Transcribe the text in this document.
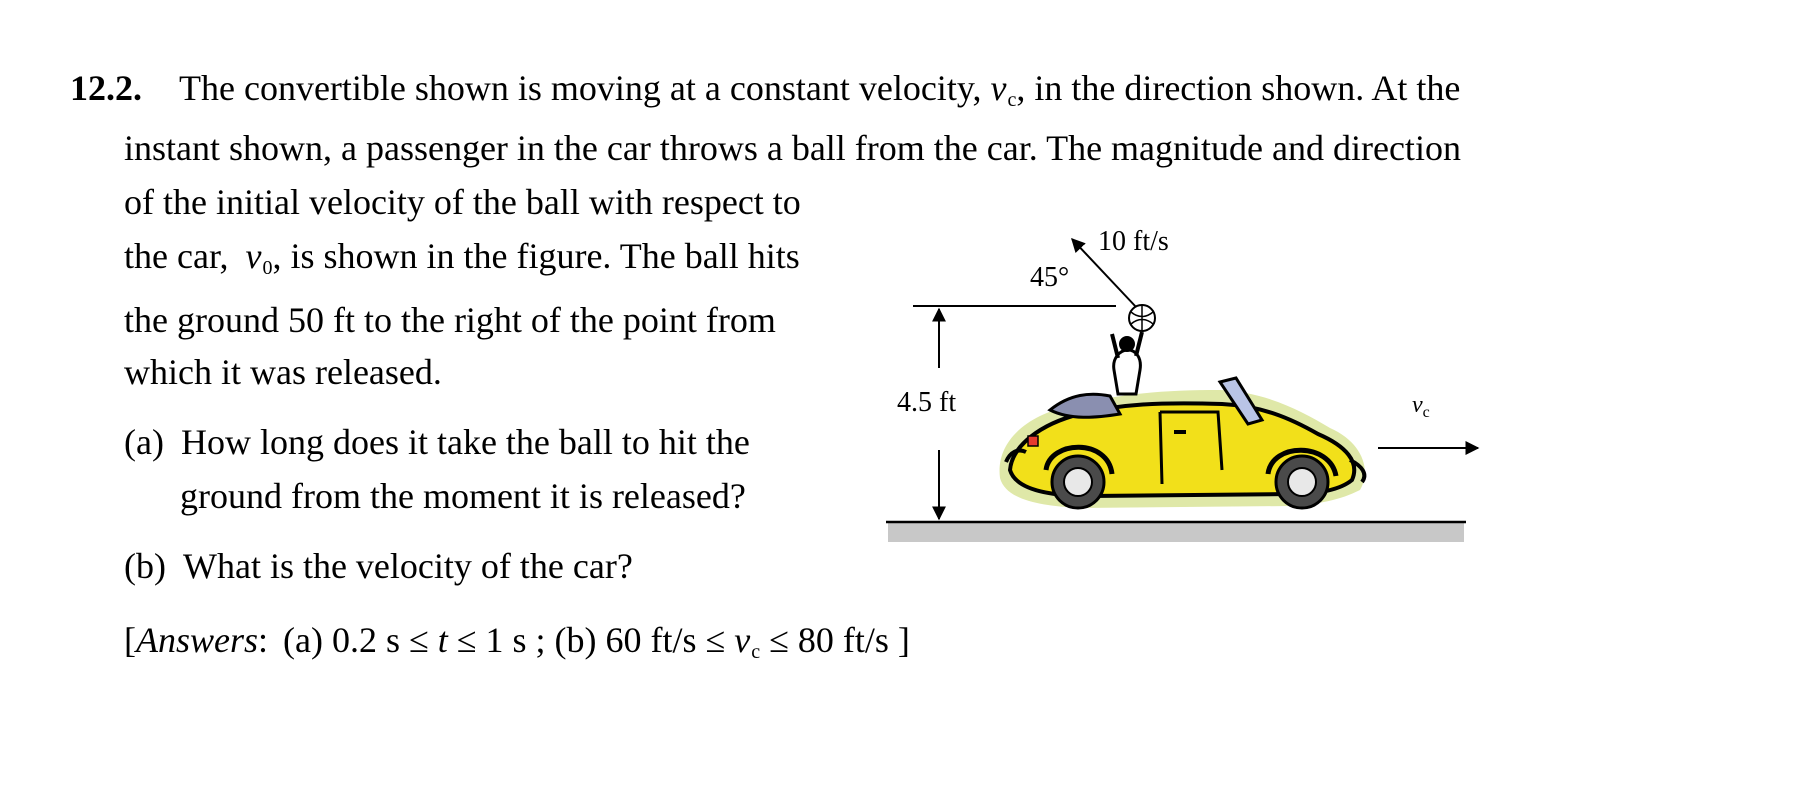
12.2. The convertible shown is moving at a constant velocity, $v_c$, in the direction shown. At the
instant shown, a passenger in the car throws a ball from the car. The magnitude and direction
of the initial velocity of the ball with respect to
the car, $v_0$, is shown in the figure. The ball hits
the ground 50 ft to the right of the point from
which it was released.
(a) How long does it take the ball to hit the
ground from the moment it is released?
(b) What is the velocity of the car?
[Answers: (a) 0.2 s ≤ t ≤ 1 s ; (b) 60 $ft/s \le v_c \le 80$ ft/s ]
4.5 ft
10 ft/s
45°
$v_c$
